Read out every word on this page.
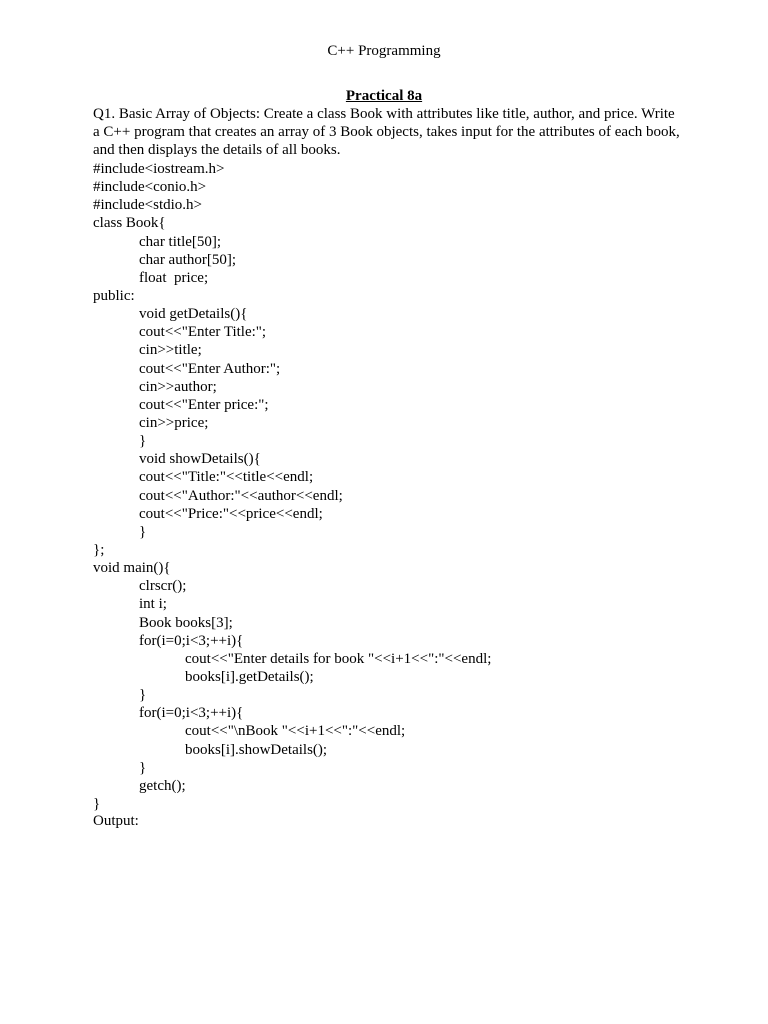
C++ Programming
Practical 8a
Q1. Basic Array of Objects: Create a class Book with attributes like title, author, and price. Write a C++ program that creates an array of 3 Book objects, takes input for the attributes of each book, and then displays the details of all books.
#include<iostream.h>
#include<conio.h>
#include<stdio.h>
class Book{
char title[50];
char author[50];
float  price;
public:
void getDetails(){
cout<<"Enter Title:";
cin>>title;
cout<<"Enter Author:";
cin>>author;
cout<<"Enter price:";
cin>>price;
}
void showDetails(){
cout<<"Title:"<<title<<endl;
cout<<"Author:"<<author<<endl;
cout<<"Price:"<<price<<endl;
}
};
void main(){
clrscr();
int i;
Book books[3];
for(i=0;i<3;++i){
cout<<"Enter details for book "<<i+1<<":"<<endl;
books[i].getDetails();
}
for(i=0;i<3;++i){
cout<<"\nBook "<<i+1<<":"<<endl;
books[i].showDetails();
}
getch();
}
Output:
